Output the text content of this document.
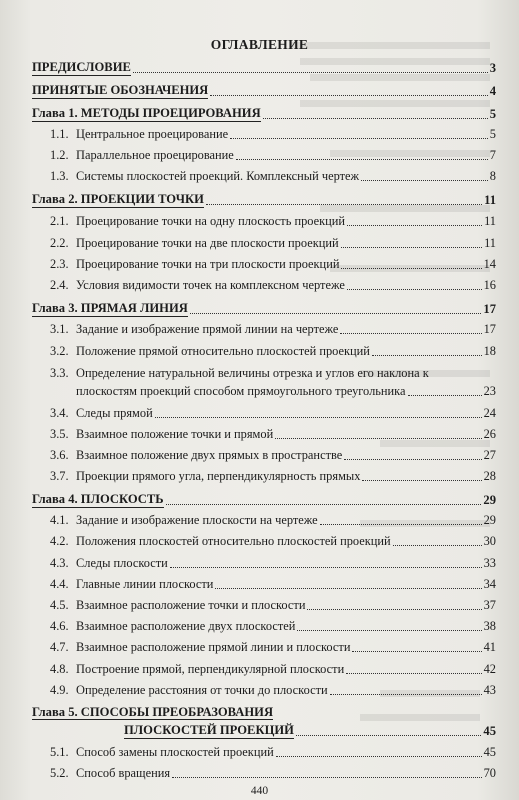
ОГЛАВЛЕНИЕ
ПРЕДИСЛОВИЕ	3
ПРИНЯТЫЕ ОБОЗНАЧЕНИЯ	4
Глава 1. МЕТОДЫ ПРОЕЦИРОВАНИЯ	5
1.1. Центральное проецирование	5
1.2. Параллельное проецирование	7
1.3. Системы плоскостей проекций. Комплексный чертеж	8
Глава 2. ПРОЕКЦИИ ТОЧКИ	11
2.1. Проецирование точки на одну плоскость проекций	11
2.2. Проецирование точки на две плоскости проекций	11
2.3. Проецирование точки на три плоскости проекций	14
2.4. Условия видимости точек на комплексном чертеже	16
Глава 3. ПРЯМАЯ ЛИНИЯ	17
3.1. Задание и изображение прямой линии на чертеже	17
3.2. Положение прямой относительно плоскостей проекций	18
3.3. Определение натуральной величины отрезка и углов его наклона к
плоскостям проекций способом прямоугольного треугольника	23
3.4. Следы прямой	24
3.5. Взаимное положение точки и прямой	26
3.6. Взаимное положение двух прямых в пространстве	27
3.7. Проекции прямого угла, перпендикулярность прямых	28
Глава 4. ПЛОСКОСТЬ	29
4.1. Задание и изображение плоскости на чертеже	29
4.2. Положения плоскостей относительно плоскостей проекций	30
4.3. Следы плоскости	33
4.4. Главные линии плоскости	34
4.5. Взаимное расположение точки и плоскости	37
4.6. Взаимное расположение двух плоскостей	38
4.7. Взаимное расположение прямой линии и плоскости	41
4.8. Построение прямой, перпендикулярной плоскости	42
4.9. Определение расстояния от точки до плоскости	43
Глава 5. СПОСОБЫ ПРЕОБРАЗОВАНИЯ
ПЛОСКОСТЕЙ ПРОЕКЦИЙ	45
5.1. Способ замены плоскостей проекций	45
5.2. Способ вращения	70
440
